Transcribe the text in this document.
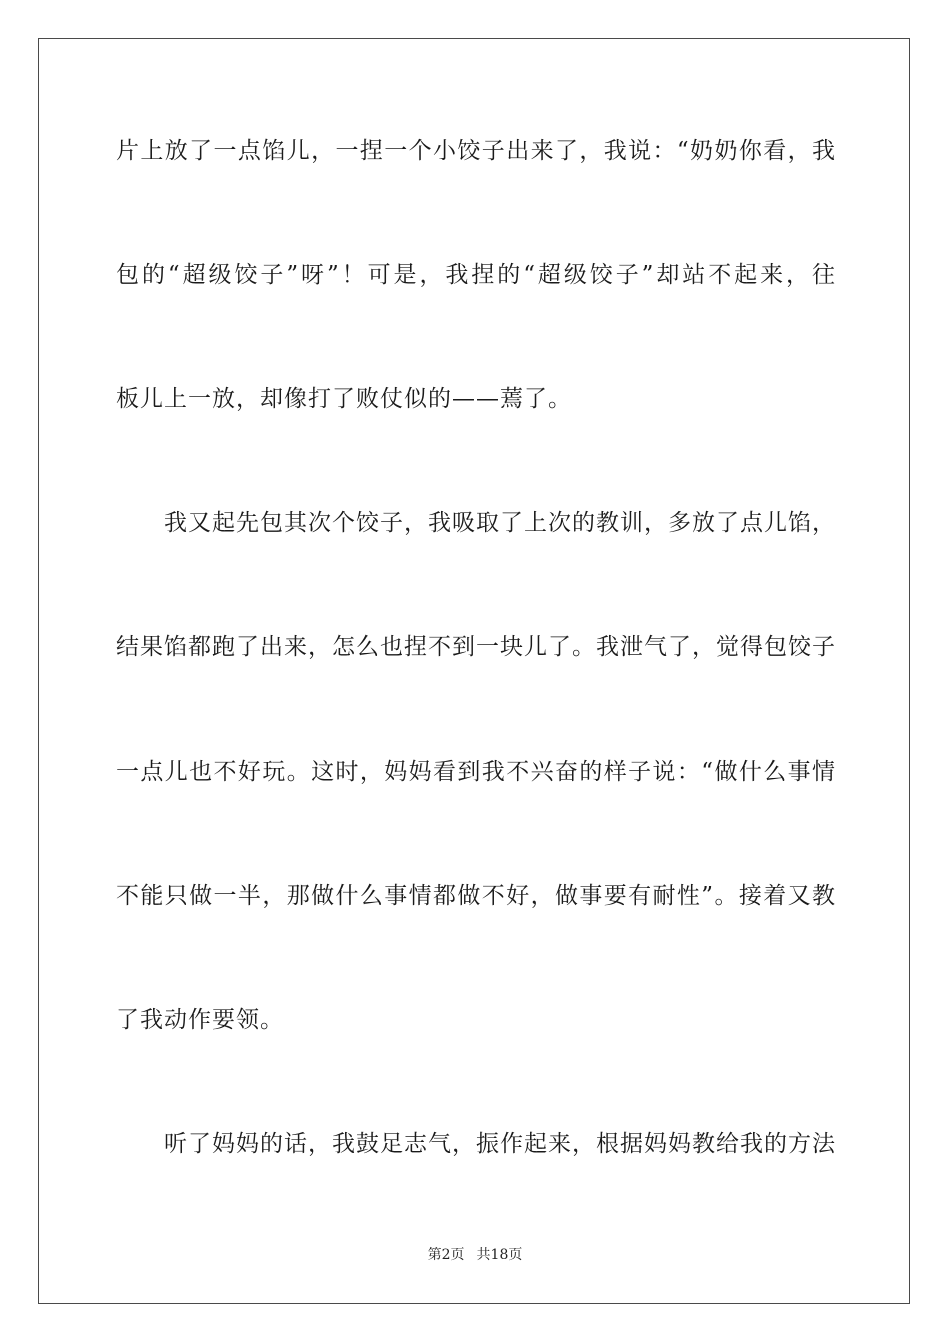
片上放了一点馅儿，一捏一个小饺子出来了，我说：“奶奶你看，我
包的“超级饺子”呀”！可是，我捏的“超级饺子”却站不起来，往
板儿上一放，却像打了败仗似的——蔫了。
我又起先包其次个饺子，我吸取了上次的教训，多放了点儿馅，
结果馅都跑了出来，怎么也捏不到一块儿了。我泄气了，觉得包饺子
一点儿也不好玩。这时，妈妈看到我不兴奋的样子说：“做什么事情
不能只做一半，那做什么事情都做不好，做事要有耐性”。接着又教
了我动作要领。
听了妈妈的话，我鼓足志气，振作起来，根据妈妈教给我的方法
第2页 共18页
